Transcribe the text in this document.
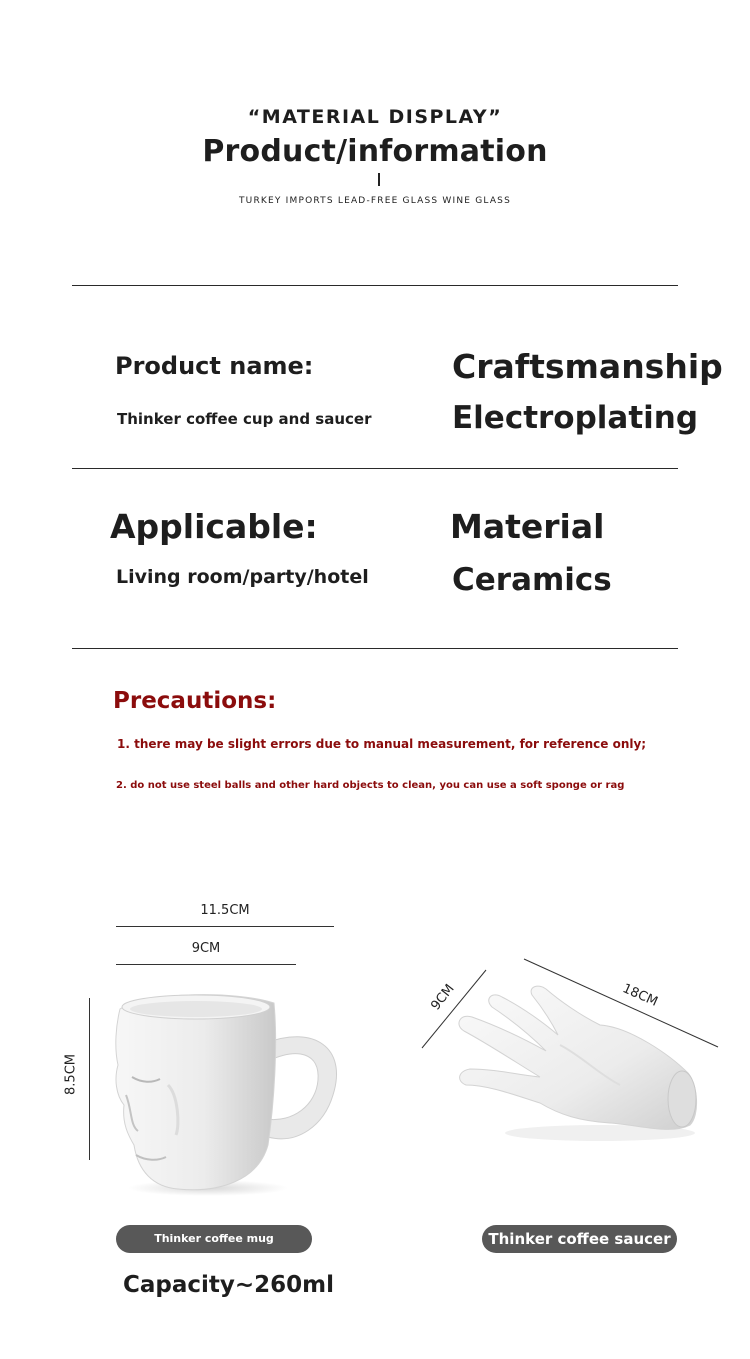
“MATERIAL DISPLAY”
Product/information
TURKEY IMPORTS LEAD-FREE GLASS WINE GLASS
Product name:
Thinker coffee cup and saucer
Craftsmanship
Electroplating
Applicable:
Living room/party/hotel
Material
Ceramics
Precautions:
1. there may be slight errors due to manual measurement, for reference only;
2. do not use steel balls and other hard objects to clean, you can use a soft sponge or rag
11.5CM
9CM
8.5CM
9CM	18CM
Thinker coffee mug	Thinker coffee saucer
Capacity~260ml
